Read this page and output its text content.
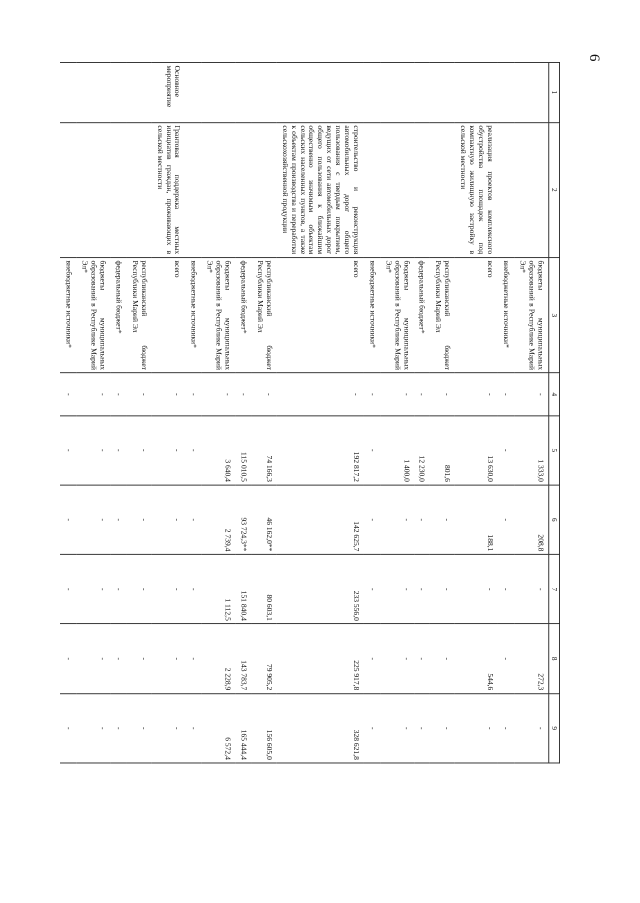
6
1	2	3	4	5	6	7	8	9
		бюджеты муниципальных образований в Республике Марий Эл*	-	1 333,0	208,8	-	272,3	-
		внебюджетные источники*	-	-	-	-	-	-
	реализация проектов комплексного обустройства площадок под компактную жилищную застройку в сельской местности	всего	-	13 630,0	188,1	-	544,6	-
		республиканский бюджет Республики Марий Эл	-	801,6	-	-	-	-
		федеральный бюджет*	-	12 230,0	-	-	-	-
		бюджеты муниципальных образований в Республике Марий Эл*	-	1 400,0	-	-	-	-
		внебюджетные источники*	-	-	-	-	-	-
	строительство и реконструкция автомобильных дорог общего пользования с твердым покрытием, ведущих от сети автомобильных дорог общего пользования к ближайшим общественно значимым объектам сельских населенных пунктов, а также к объектам производства и переработки сельскохозяйственной продукции	всего	-	192 817,2	142 625,7	233 556,0	225 917,8	328 621,8
		республиканский бюджет Республики Марий Эл	-	74 166,3	46 162,0**	80 603,1	79 905,2	156 605,0
		федеральный бюджет*	-	115 010,5	93 724,3**	151 840,4	143 783,7	165 444,4
		бюджеты муниципальных образований в Республике Марий Эл*	-	3 640,4	2 739,4	1 112,5	2 228,9	6 572,4
		внебюджетные источники*	-	-	-	-	-	-
Основное мероприятие	Грантовая поддержка местных инициатив граждан, проживающих в сельской местности	всего	-	-	-	-	-	-
		республиканский бюджет Республики Марий Эл	-	-	-	-	-	-
		федеральный бюджет*	-	-	-	-	-	-
		бюджеты муниципальных образований в Республике Марий Эл*	-	-	-	-	-	-
		внебюджетные источники*	-	-	-	-	-	-
